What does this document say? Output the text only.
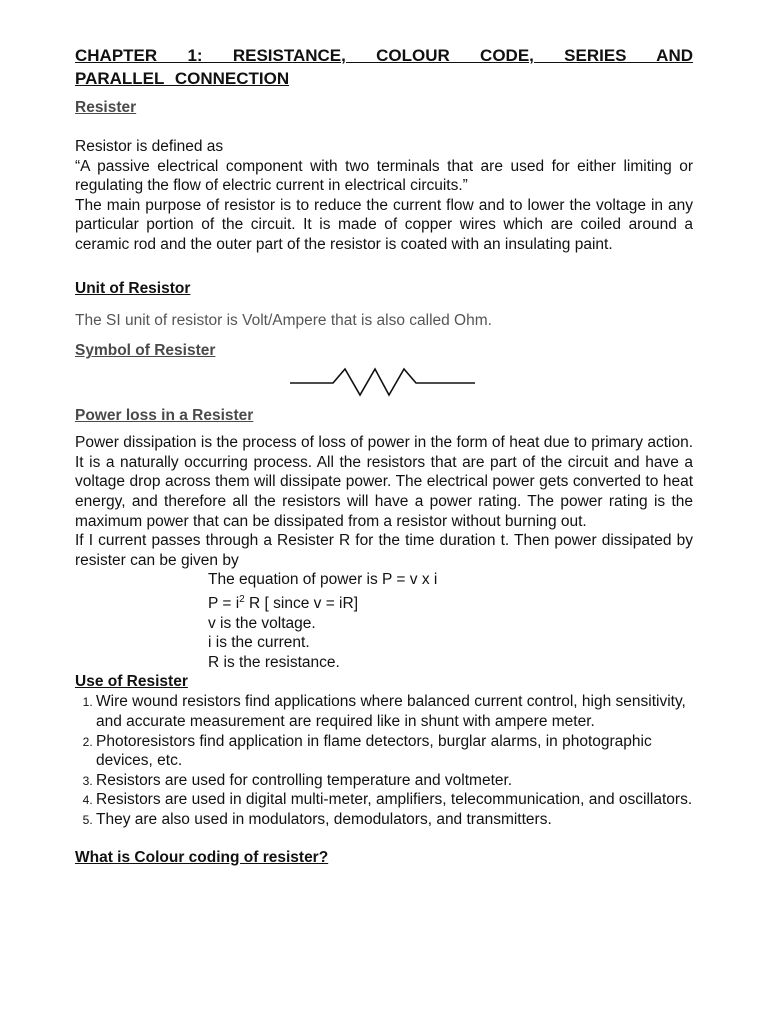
CHAPTER 1: RESISTANCE, COLOUR CODE, SERIES AND

PARALLEL CONNECTION

Resister

Resistor is defined as

“A passive electrical component with two terminals that are used for either limiting or regulating the flow of electric current in electrical circuits.”

The main purpose of resistor is to reduce the current flow and to lower the voltage in any particular portion of the circuit. It is made of copper wires which are coiled around a ceramic rod and the outer part of the resistor is coated with an insulating paint.

Unit of Resistor

The SI unit of resistor is Volt/Ampere that is also called Ohm.

Symbol of Resister

Power loss in a Resister

Power dissipation is the process of loss of power in the form of heat due to primary action. It is a naturally occurring process. All the resistors that are part of the circuit and have a voltage drop across them will dissipate power. The electrical power gets converted to heat energy, and therefore all the resistors will have a power rating. The power rating is the maximum power that can be dissipated from a resistor without burning out.

If I current passes through a Resister R for the time duration t. Then power dissipated by resister can be given by

The equation of power is P = v x i
$P = i^2$ R [ since v = iR]
v is the voltage.
i is the current.
R is the resistance.

Use of Resister

1. Wire wound resistors find applications where balanced current control, high sensitivity, and accurate measurement are required like in shunt with ampere meter.
2. Photoresistors find application in flame detectors, burglar alarms, in photographic devices, etc.
3. Resistors are used for controlling temperature and voltmeter.
4. Resistors are used in digital multi-meter, amplifiers, telecommunication, and oscillators.
5. They are also used in modulators, demodulators, and transmitters.

What is Colour coding of resister?
